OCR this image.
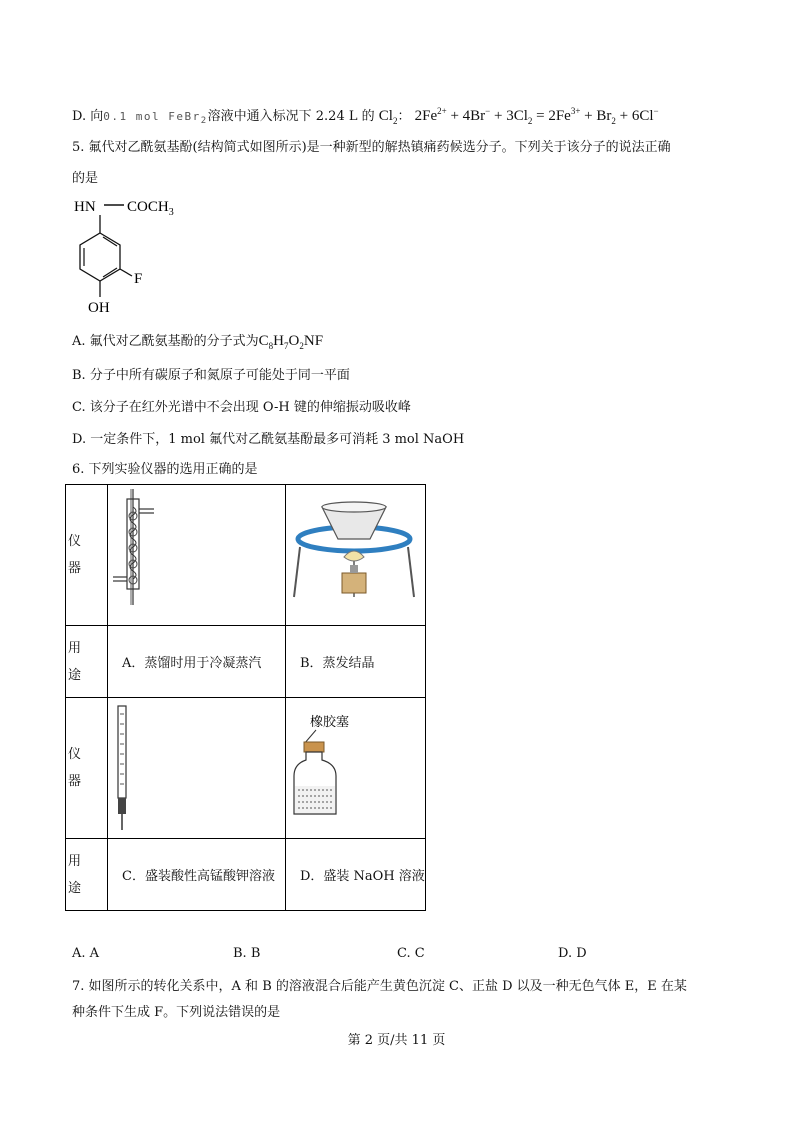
D. 向0.1 mol FeBr$_2$溶液中通入标况下 2.24 L 的 $Cl_2$： $2Fe^{2+} + 4Br^- + 3Cl_2 = 2Fe^{3+} + Br_2 + 6Cl^-$
5. 氟代对乙酰氨基酚(结构简式如图所示)是一种新型的解热镇痛药候选分子。下列关于该分子的说法正确
的是
HN $COCH_3$
F
OH
A. 氟代对乙酰氨基酚的分子式为$C_8H_7O_2NF$
B. 分子中所有碳原子和氮原子可能处于同一平面
C. 该分子在红外光谱中不会出现 O-H 键的伸缩振动吸收峰
D. 一定条件下，1 mol 氟代对乙酰氨基酚最多可消耗 3 mol NaOH
6. 下列实验仪器的选用正确的是
仪
器

用
途	A．蒸馏时用于冷凝蒸汽	B．蒸发结晶

仪
器		橡胶塞

用
途	C．盛装酸性高锰酸钾溶液	D．盛装 NaOH 溶液
A. A	B. B	C. C	D. D
7. 如图所示的转化关系中，A 和 B 的溶液混合后能产生黄色沉淀 C、正盐 D 以及一种无色气体 E，E 在某
种条件下生成 F。下列说法错误的是
第 2 页/共 11 页
